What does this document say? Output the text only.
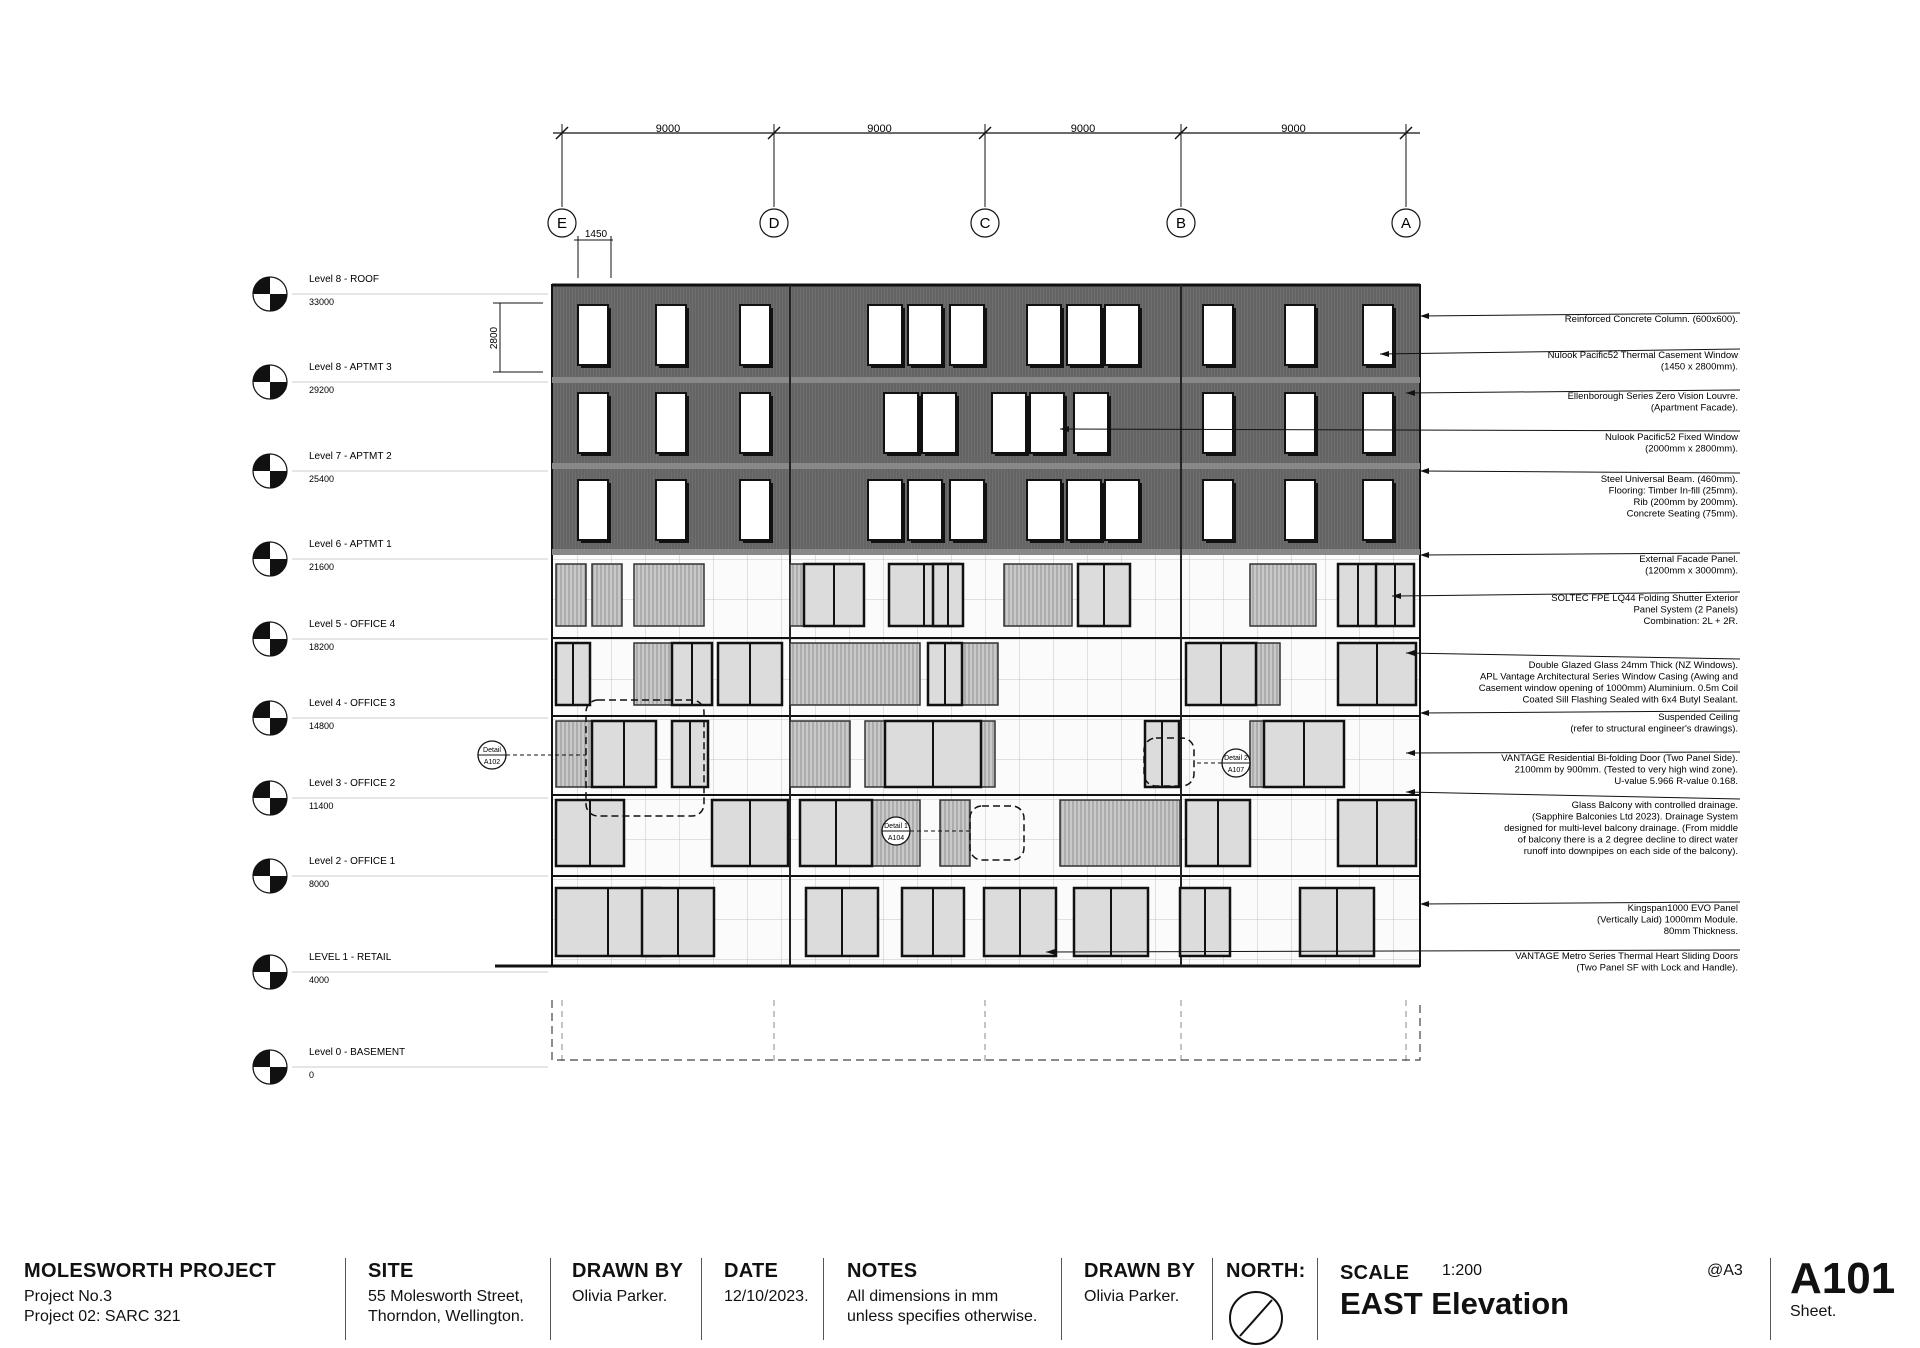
E	D	C	B	A
9000	9000	9000	9000
1450
2800
Detail
A102
Detail 1
A104
Detail 2
A107
Level 8 - ROOF
33000
Level 8 - APTMT 3
29200
Level 7 - APTMT 2
25400
Level 6 - APTMT 1
21600
Level 5 - OFFICE 4
18200
Level 4 - OFFICE 3
14800
Level 3 - OFFICE 2
11400
Level 2 - OFFICE 1
8000
LEVEL 1 - RETAIL
4000
Level 0 - BASEMENT
0
Reinforced Concrete Column. (600x600).
Nulook Pacific52 Thermal Casement Window (1450 x 2800mm).
Ellenborough Series Zero Vision Louvre. (Apartment Facade).
Nulook Pacific52 Fixed Window (2000mm x 2800mm).
Steel Universal Beam. (460mm). Flooring: Timber In-fill (25mm). Rib (200mm by 200mm). Concrete Seating (75mm).
External Facade Panel. (1200mm x 3000mm).
SOLTEC FPE LQ44 Folding Shutter Exterior Panel System (2 Panels) Combination: 2L + 2R.
Double Glazed Glass 24mm Thick (NZ Windows). APL Vantage Architectural Series Window Casing (Awing and Casement window opening of 1000mm) Aluminium. 0.5m Coil Coated Sill Flashing Sealed with 6x4 Butyl Sealant.
Suspended Ceiling (refer to structural engineer's drawings).
VANTAGE Residential Bi-folding Door (Two Panel Side). 2100mm by 900mm. (Tested to very high wind zone). U-value 5.966 R-value 0.168.
Glass Balcony with controlled drainage. (Sapphire Balconies Ltd 2023). Drainage System designed for multi-level balcony drainage. (From middle of balcony there is a 2 degree decline to direct water runoff into downpipes on each side of the balcony).
Kingspan1000 EVO Panel (Vertically Laid) 1000mm Module. 80mm Thickness.
VANTAGE Metro Series Thermal Heart Sliding Doors (Two Panel SF with Lock and Handle).
MOLESWORTH PROJECT
Project No.3
Project 02: SARC 321
SITE
55 Molesworth Street,
Thorndon, Wellington.
DRAWN BY
Olivia Parker.
DATE
12/10/2023.
NOTES
All dimensions in mm
unless specifies otherwise.
DRAWN BY
Olivia Parker.
NORTH:	SCALE 1:200	@A3
EAST Elevation
A101
Sheet.
